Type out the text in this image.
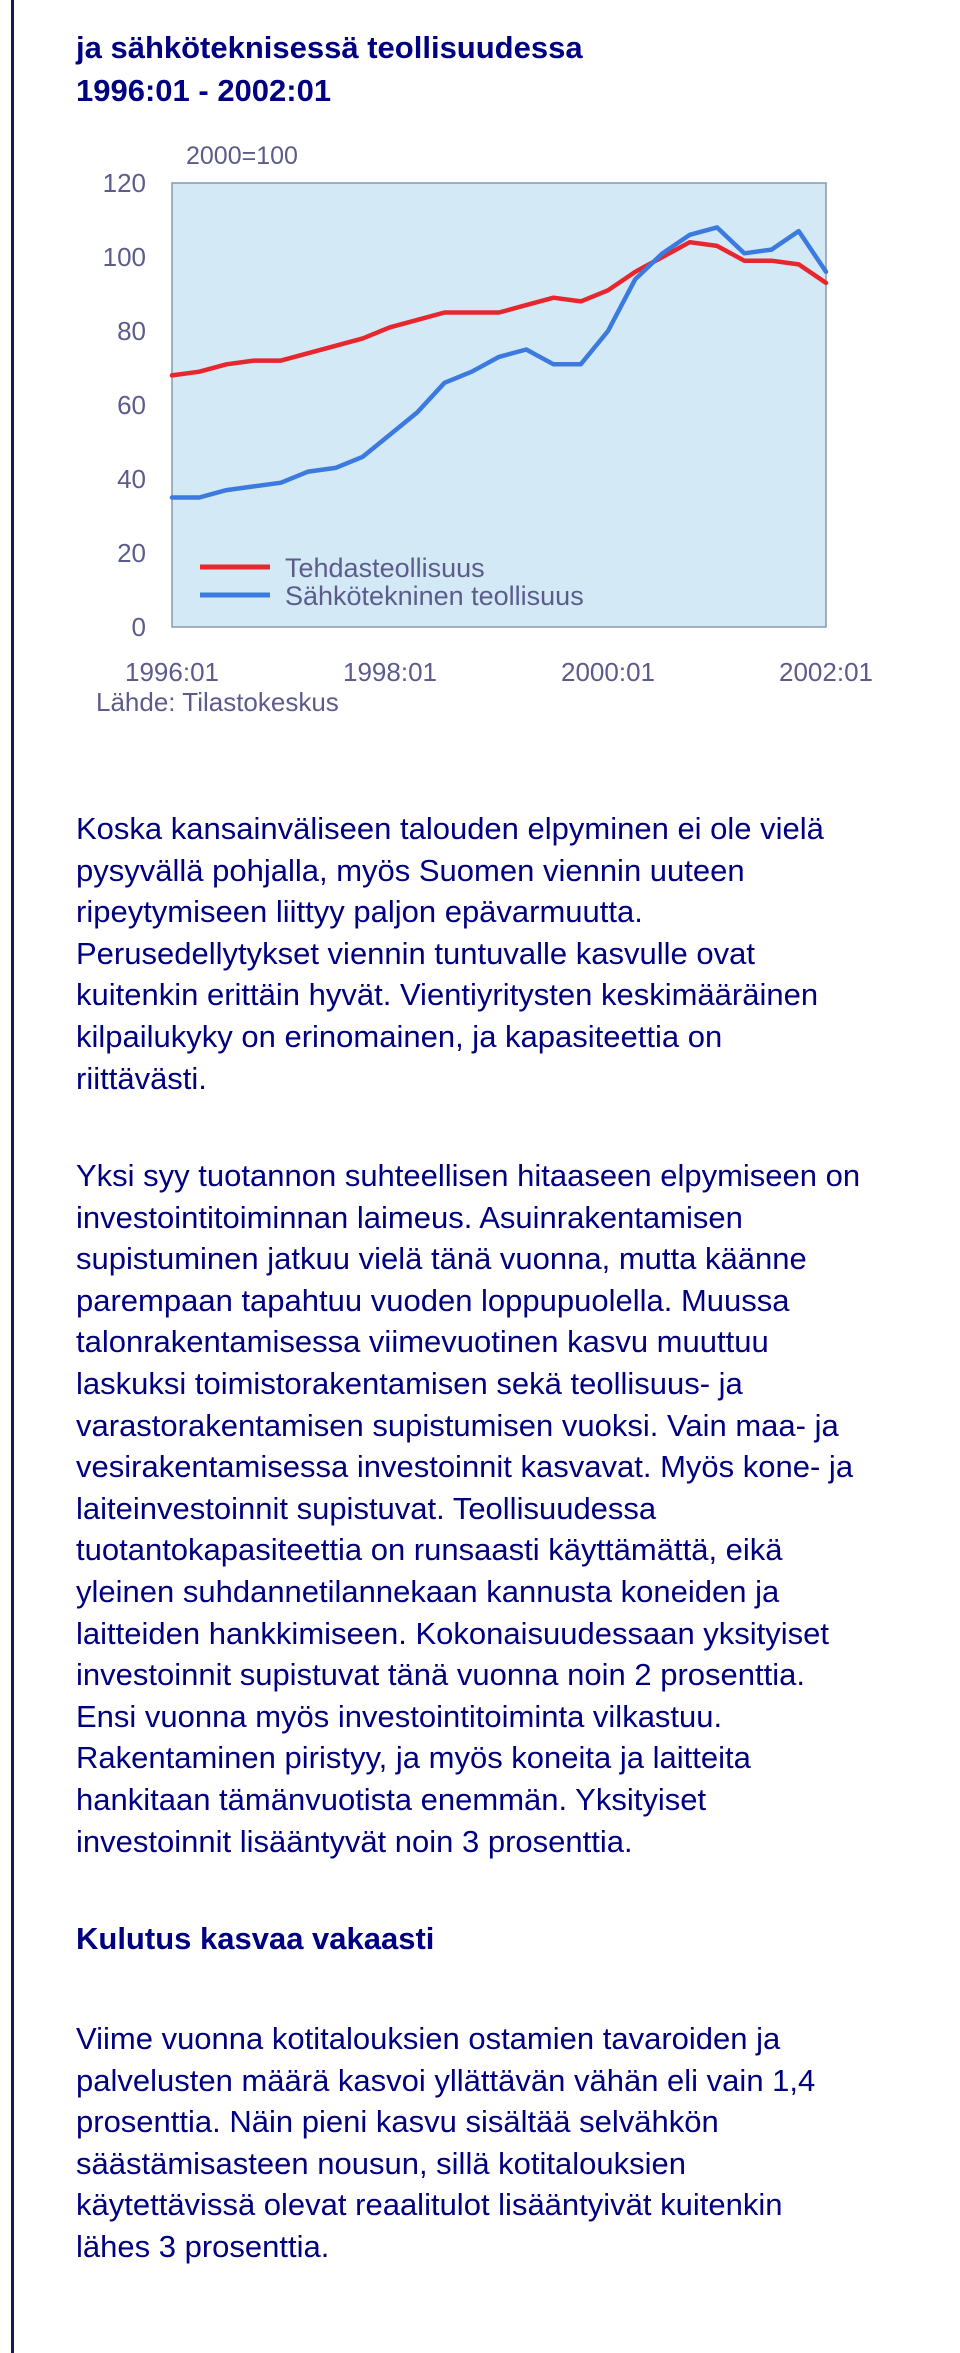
ja sähköteknisessä teollisuudessa
1996:01 - 2002:01
2000=100
120
100
80
60
40
20
0
1996:01	1998:01	2000:01	2002:01
Tehdasteollisuus
Sähkötekninen teollisuus
Lähde: Tilastokeskus
Koska kansainväliseen talouden elpyminen ei ole vielä
pysyvällä pohjalla, myös Suomen viennin uuteen
ripeytymiseen liittyy paljon epävarmuutta.
Perusedellytykset viennin tuntuvalle kasvulle ovat
kuitenkin erittäin hyvät. Vientiyritysten keskimääräinen
kilpailukyky on erinomainen, ja kapasiteettia on
riittävästi.
Yksi syy tuotannon suhteellisen hitaaseen elpymiseen on
investointitoiminnan laimeus. Asuinrakentamisen
supistuminen jatkuu vielä tänä vuonna, mutta käänne
parempaan tapahtuu vuoden loppupuolella. Muussa
talonrakentamisessa viimevuotinen kasvu muuttuu
laskuksi toimistorakentamisen sekä teollisuus- ja
varastorakentamisen supistumisen vuoksi. Vain maa- ja
vesirakentamisessa investoinnit kasvavat. Myös kone- ja
laiteinvestoinnit supistuvat. Teollisuudessa
tuotantokapasiteettia on runsaasti käyttämättä, eikä
yleinen suhdannetilannekaan kannusta koneiden ja
laitteiden hankkimiseen. Kokonaisuudessaan yksityiset
investoinnit supistuvat tänä vuonna noin 2 prosenttia.
Ensi vuonna myös investointitoiminta vilkastuu.
Rakentaminen piristyy, ja myös koneita ja laitteita
hankitaan tämänvuotista enemmän. Yksityiset
investoinnit lisääntyvät noin 3 prosenttia.
Kulutus kasvaa vakaasti
Viime vuonna kotitalouksien ostamien tavaroiden ja
palvelusten määrä kasvoi yllättävän vähän eli vain 1,4
prosenttia. Näin pieni kasvu sisältää selvähkön
säästämisasteen nousun, sillä kotitalouksien
käytettävissä olevat reaalitulot lisääntyivät kuitenkin
lähes 3 prosenttia.
